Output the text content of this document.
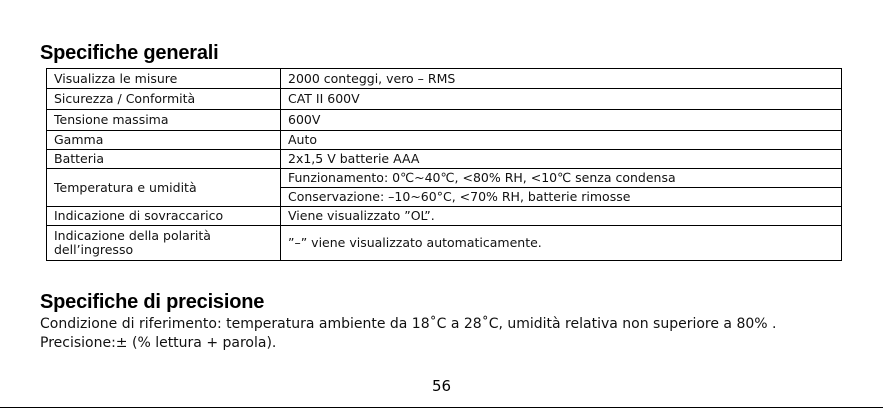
Specifiche generali
Visualizza le misure	2000 conteggi, vero – RMS
Sicurezza / Conformità	CAT II 600V
Tensione massima	600V
Gamma	Auto
Batteria	2x1,5 V batterie AAA
Temperatura e umidità	Funzionamento: 0℃~40℃, <80% RH, <10℃ senza condensa
	Conservazione: –10~60°C, <70% RH, batterie rimosse
Indicazione di sovraccarico	Viene visualizzato ”OL”.
Indicazione della polarità dell’ingresso	”–” viene visualizzato automaticamente.
Specifiche di precisione

Condizione di riferimento: temperatura ambiente da 18˚C a 28˚C, umidità relativa non superiore a 80% .

Precisione:± (% lettura + parola).

56
